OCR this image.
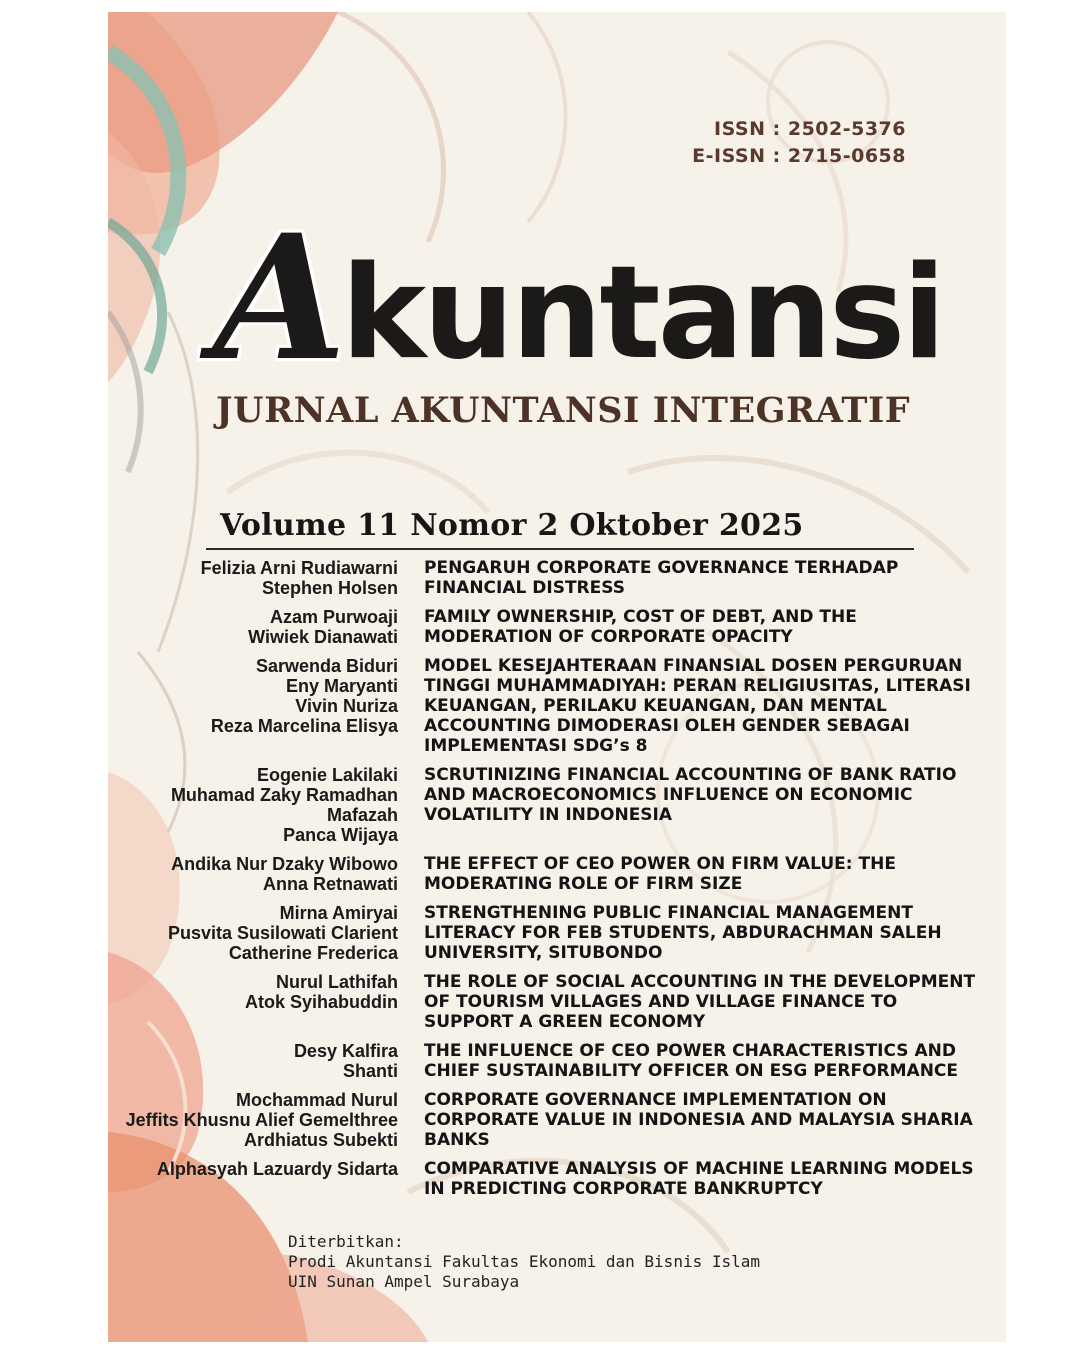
ISSN : 2502-5376
E-ISSN : 2715-0658
A
kuntansi
JURNAL AKUNTANSI INTEGRATIF
Volume 11 Nomor 2 Oktober 2025
Felizia Arni Rudiawarni
Stephen Holsen
PENGARUH CORPORATE GOVERNANCE TERHADAP FINANCIAL DISTRESS
Azam Purwoaji
Wiwiek Dianawati
FAMILY OWNERSHIP, COST OF DEBT, AND THE MODERATION OF CORPORATE OPACITY
Sarwenda Biduri
Eny Maryanti
Vivin Nuriza
Reza Marcelina Elisya
MODEL KESEJAHTERAAN FINANSIAL DOSEN PERGURUAN TINGGI MUHAMMADIYAH: PERAN RELIGIUSITAS, LITERASI KEUANGAN, PERILAKU KEUANGAN, DAN MENTAL ACCOUNTING DIMODERASI OLEH GENDER SEBAGAI IMPLEMENTASI SDG’s 8
Eogenie Lakilaki
Muhamad Zaky Ramadhan
Mafazah
Panca Wijaya
SCRUTINIZING FINANCIAL ACCOUNTING OF BANK RATIO AND MACROECONOMICS INFLUENCE ON ECONOMIC VOLATILITY IN INDONESIA
Andika Nur Dzaky Wibowo
Anna Retnawati
THE EFFECT OF CEO POWER ON FIRM VALUE: THE MODERATING ROLE OF FIRM SIZE
Mirna Amiryai
Pusvita Susilowati Clarient
Catherine Frederica
STRENGTHENING PUBLIC FINANCIAL MANAGEMENT LITERACY FOR FEB STUDENTS, ABDURACHMAN SALEH UNIVERSITY, SITUBONDO
Nurul Lathifah
Atok Syihabuddin
THE ROLE OF SOCIAL ACCOUNTING IN THE DEVELOPMENT OF TOURISM VILLAGES AND VILLAGE FINANCE TO SUPPORT A GREEN ECONOMY
Desy Kalfira
Shanti
THE INFLUENCE OF CEO POWER CHARACTERISTICS AND CHIEF SUSTAINABILITY OFFICER ON ESG PERFORMANCE
Mochammad Nurul
Jeffits Khusnu Alief Gemelthree
Ardhiatus Subekti
CORPORATE GOVERNANCE IMPLEMENTATION ON CORPORATE VALUE IN INDONESIA AND MALAYSIA SHARIA BANKS
Alphasyah Lazuardy Sidarta COMPARATIVE ANALYSIS OF MACHINE LEARNING MODELS IN PREDICTING CORPORATE BANKRUPTCY
Diterbitkan:
Prodi Akuntansi Fakultas Ekonomi dan Bisnis Islam
UIN Sunan Ampel Surabaya
